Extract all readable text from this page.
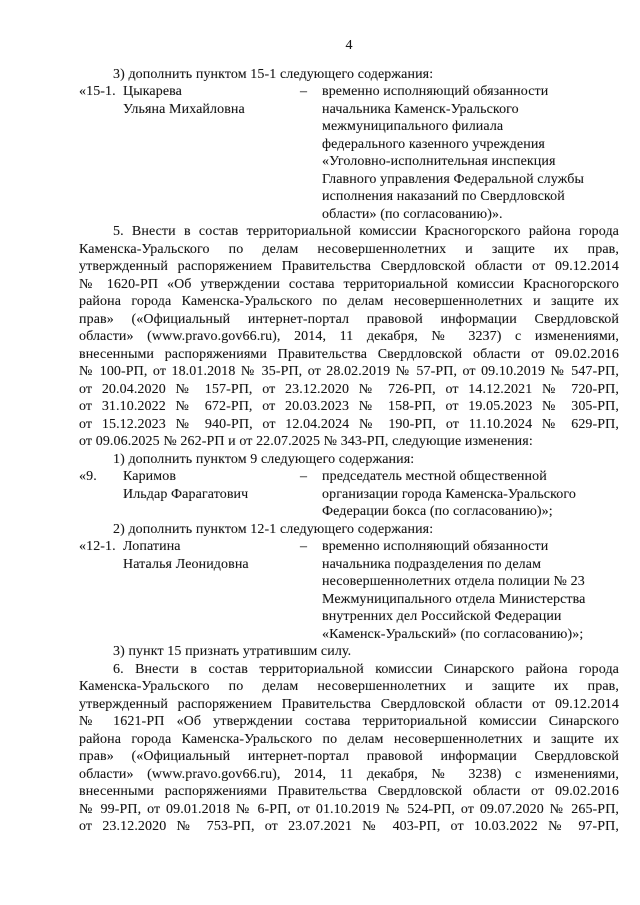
4
3) дополнить пунктом 15-1 следующего содержания:
«15-1. Цыкарева
Ульяна Михайловна
–	временно исполняющий обязанности
начальника Каменск-Уральского
межмуниципального филиала
федерального казенного учреждения
«Уголовно-исполнительная инспекция
Главного управления Федеральной службы
исполнения наказаний по Свердловской
области» (по согласованию)».
5. Внести в состав территориальной комиссии Красногорского района города
Каменска-Уральского по делам несовершеннолетних и защите их прав,
утвержденный распоряжением Правительства Свердловской области от 09.12.2014
№ 1620-РП «Об утверждении состава территориальной комиссии Красногорского
района города Каменска-Уральского по делам несовершеннолетних и защите их
прав» («Официальный интернет-портал правовой информации Свердловской
области» (www.pravo.gov66.ru), 2014, 11 декабря, № 3237) с изменениями,
внесенными распоряжениями Правительства Свердловской области от 09.02.2016
№ 100-РП, от 18.01.2018 № 35-РП, от 28.02.2019 № 57-РП, от 09.10.2019 № 547-РП,
от 20.04.2020 № 157-РП, от 23.12.2020 № 726-РП, от 14.12.2021 № 720-РП,
от 31.10.2022 № 672-РП, от 20.03.2023 № 158-РП, от 19.05.2023 № 305-РП,
от 15.12.2023 № 940-РП, от 12.04.2024 № 190-РП, от 11.10.2024 № 629-РП,
от 09.06.2025 № 262-РП и от 22.07.2025 № 343-РП, следующие изменения:
1) дополнить пунктом 9 следующего содержания:
«9.	Каримов
Ильдар Фарагатович
–	председатель местной общественной
организации города Каменска-Уральского
Федерации бокса (по согласованию)»;
2) дополнить пунктом 12-1 следующего содержания:
«12-1. Лопатина
Наталья Леонидовна
–	временно исполняющий обязанности
начальника подразделения по делам
несовершеннолетних отдела полиции № 23
Межмуниципального отдела Министерства
внутренних дел Российской Федерации
«Каменск-Уральский» (по согласованию)»;
3) пункт 15 признать утратившим силу.
6. Внести в состав территориальной комиссии Синарского района города
Каменска-Уральского по делам несовершеннолетних и защите их прав,
утвержденный распоряжением Правительства Свердловской области от 09.12.2014
№ 1621-РП «Об утверждении состава территориальной комиссии Синарского
района города Каменска-Уральского по делам несовершеннолетних и защите их
прав» («Официальный интернет-портал правовой информации Свердловской
области» (www.pravo.gov66.ru), 2014, 11 декабря, № 3238) с изменениями,
внесенными распоряжениями Правительства Свердловской области от 09.02.2016
№ 99-РП, от 09.01.2018 № 6-РП, от 01.10.2019 № 524-РП, от 09.07.2020 № 265-РП,
от 23.12.2020 № 753-РП, от 23.07.2021 № 403-РП, от 10.03.2022 № 97-РП,
